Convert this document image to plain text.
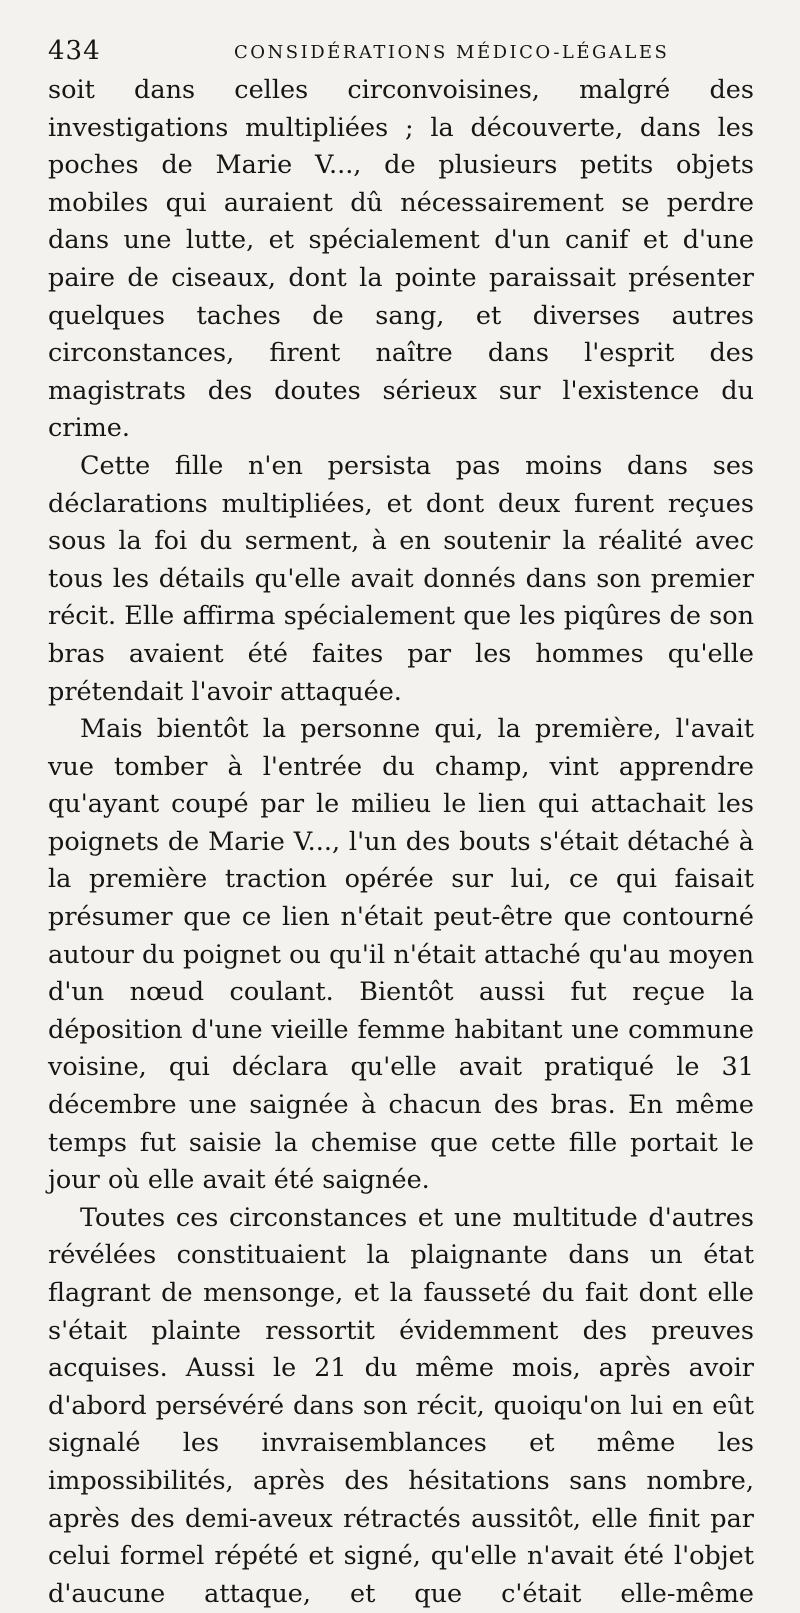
434	CONSIDÉRATIONS MÉDICO-LÉGALES

soit dans celles circonvoisines, malgré des investigations multipliées ; la découverte, dans les poches de Marie V..., de plusieurs petits objets mobiles qui auraient dû nécessairement se perdre dans une lutte, et spécialement d'un canif et d'une paire de ciseaux, dont la pointe paraissait présenter quelques taches de sang, et diverses autres circonstances, firent naître dans l'esprit des magistrats des doutes sérieux sur l'existence du crime.

Cette fille n'en persista pas moins dans ses déclarations multipliées, et dont deux furent reçues sous la foi du serment, à en soutenir la réalité avec tous les détails qu'elle avait donnés dans son premier récit. Elle affirma spécialement que les piqûres de son bras avaient été faites par les hommes qu'elle prétendait l'avoir attaquée.

Mais bientôt la personne qui, la première, l'avait vue tomber à l'entrée du champ, vint apprendre qu'ayant coupé par le milieu le lien qui attachait les poignets de Marie V..., l'un des bouts s'était détaché à la première traction opérée sur lui, ce qui faisait présumer que ce lien n'était peut-être que contourné autour du poignet ou qu'il n'était attaché qu'au moyen d'un nœud coulant. Bientôt aussi fut reçue la déposition d'une vieille femme habitant une commune voisine, qui déclara qu'elle avait pratiqué le 31 décembre une saignée à chacun des bras. En même temps fut saisie la chemise que cette fille portait le jour où elle avait été saignée.

Toutes ces circonstances et une multitude d'autres révélées constituaient la plaignante dans un état flagrant de mensonge, et la fausseté du fait dont elle s'était plainte ressortit évidemment des preuves acquises. Aussi le 21 du même mois, après avoir d'abord persévéré dans son récit, quoiqu'on lui en eût signalé les invraisemblances et même les impossibilités, après des hésitations sans nombre, après des demi-aveux rétractés aussitôt, elle finit par celui formel répété et signé, qu'elle n'avait été l'objet d'aucune attaque, et que c'était elle-même
